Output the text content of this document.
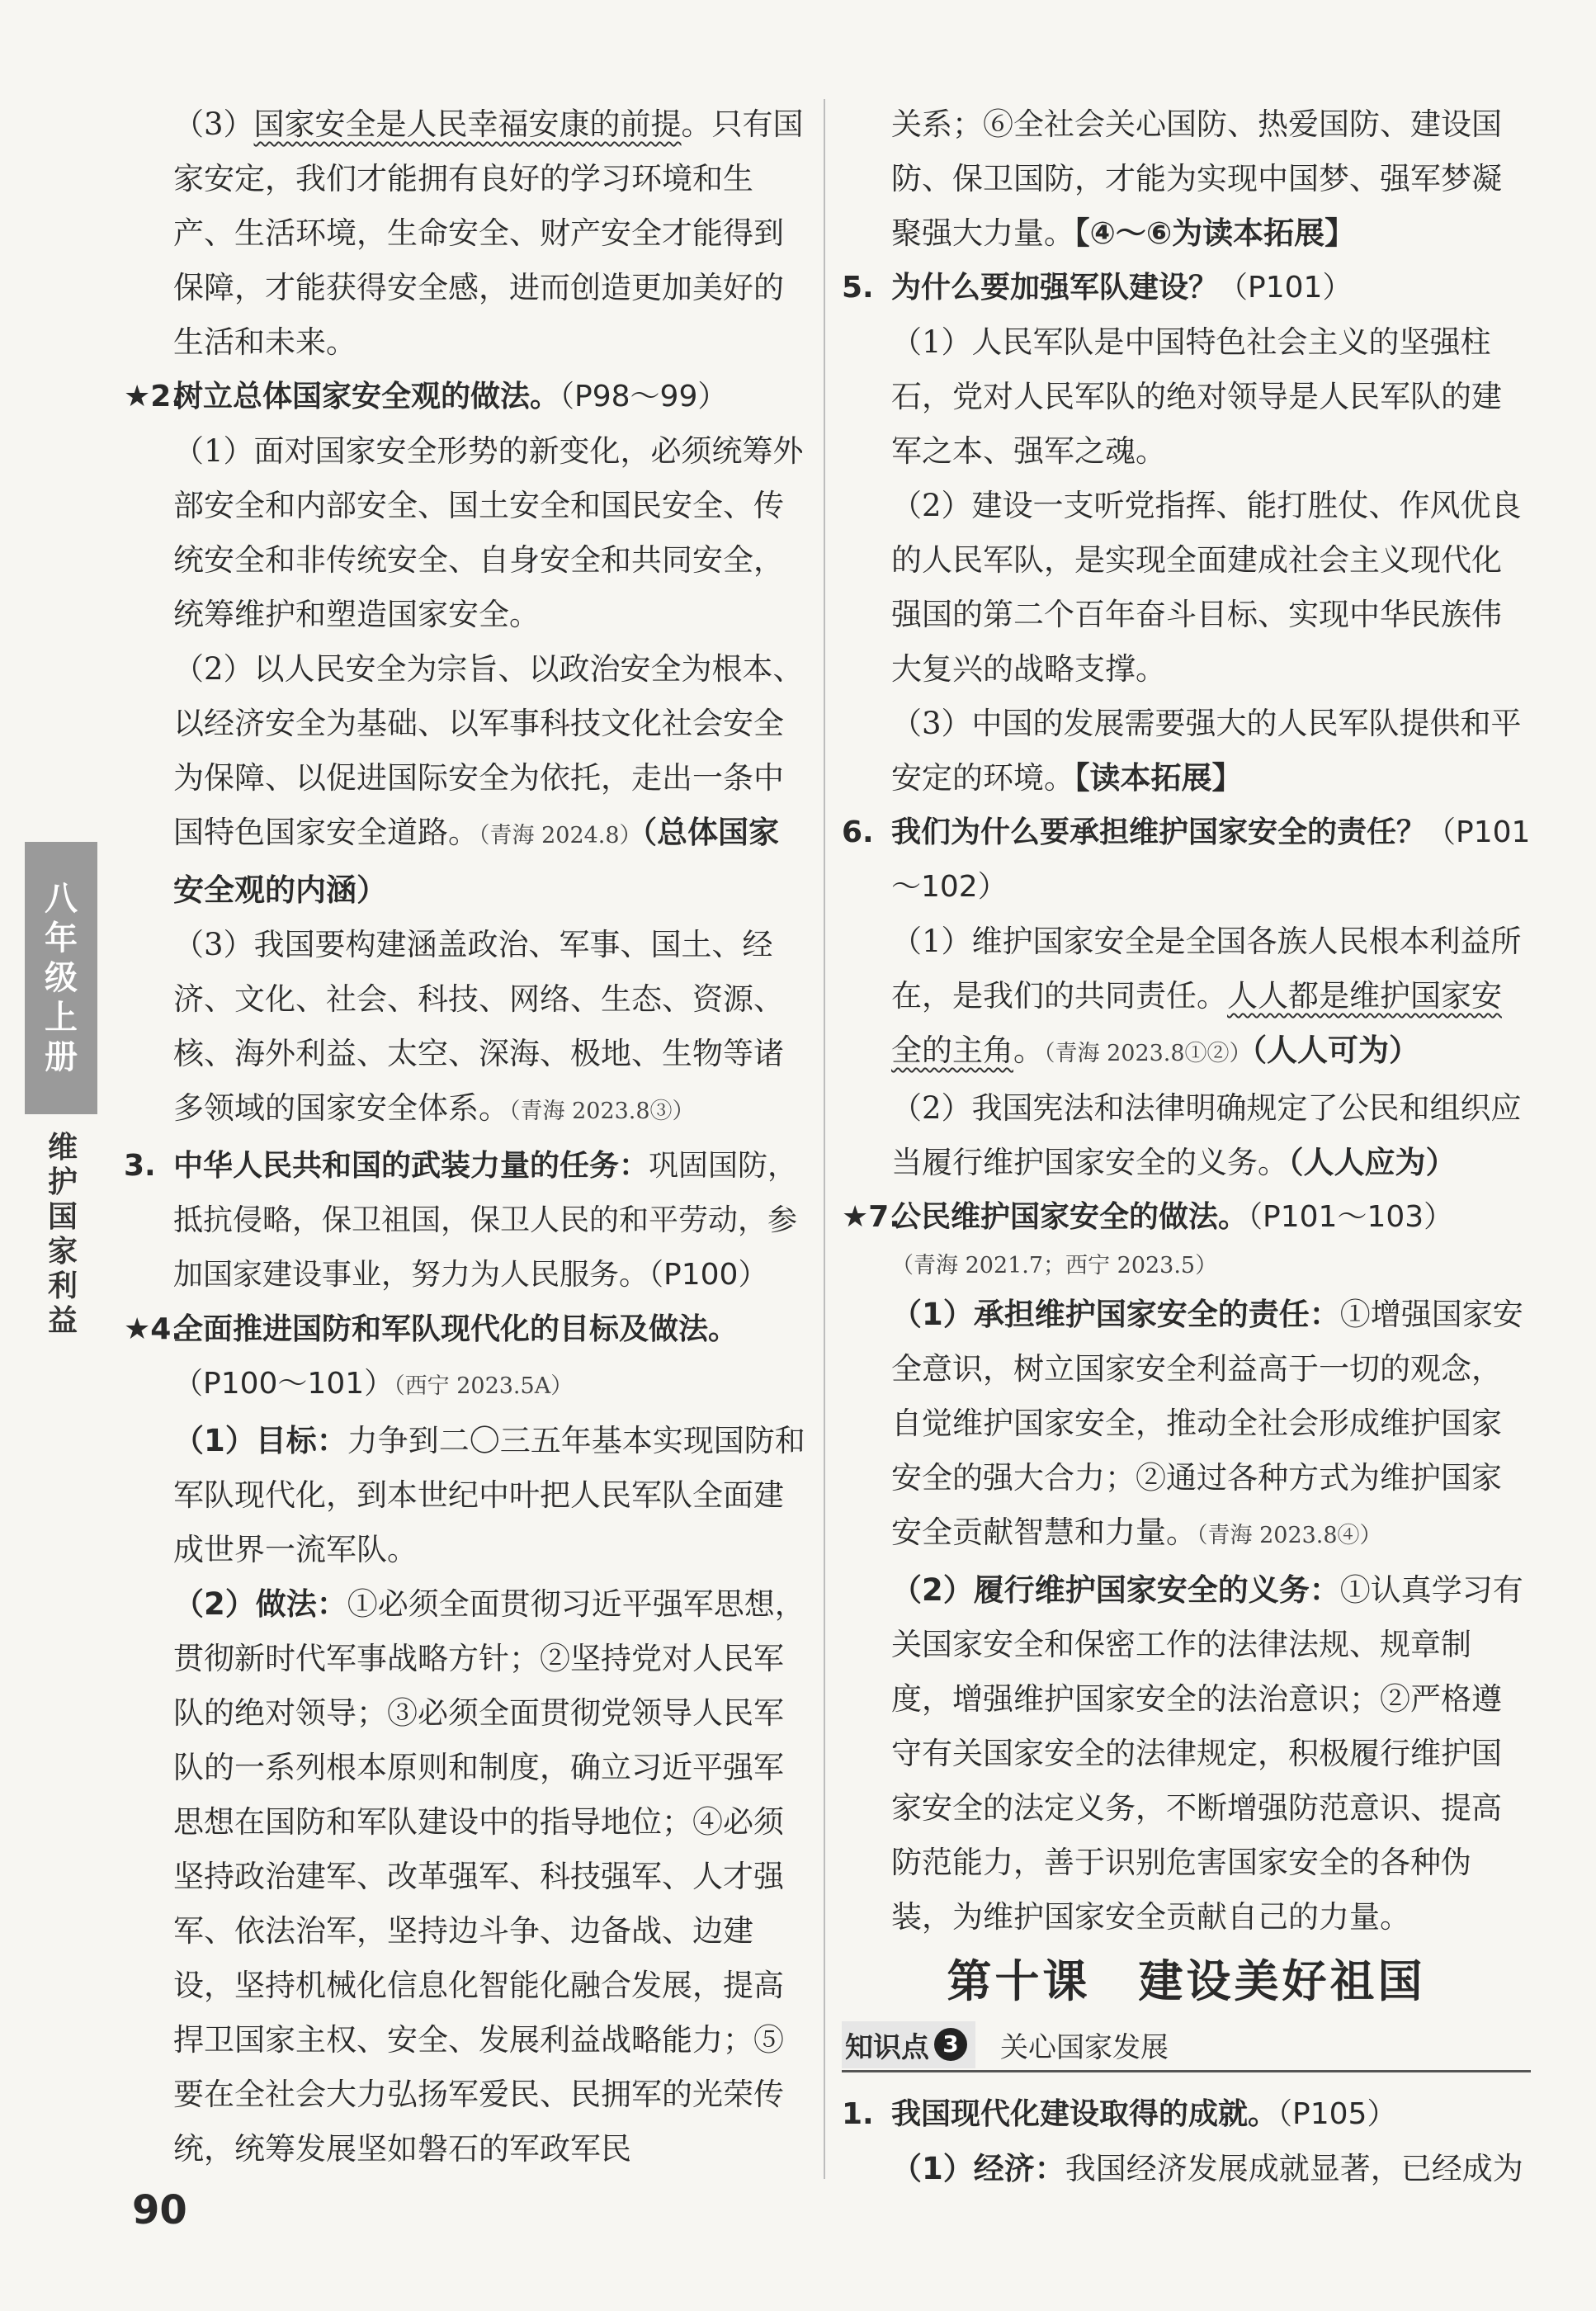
八
年
级
上
册
维
护
国
家
利
益

（3）国家安全是人民幸福安康的前提。只有国家安定，我们才能拥有良好的学习环境和生产、生活环境，生命安全、财产安全才能得到保障，才能获得安全感，进而创造更加美好的生活和未来。

★2.树立总体国家安全观的做法。（P98～99）

（1）面对国家安全形势的新变化，必须统筹外部安全和内部安全、国土安全和国民安全、传统安全和非传统安全、自身安全和共同安全，统筹维护和塑造国家安全。

（2）以人民安全为宗旨、以政治安全为根本、以经济安全为基础、以军事科技文化社会安全为保障、以促进国际安全为依托，走出一条中国特色国家安全道路。（青海 2024.8）（总体国家安全观的内涵）

（3）我国要构建涵盖政治、军事、国土、经济、文化、社会、科技、网络、生态、资源、核、海外利益、太空、深海、极地、生物等诸多领域的国家安全体系。（青海 2023.8③）

3. 中华人民共和国的武装力量的任务：巩固国防，抵抗侵略，保卫祖国，保卫人民的和平劳动，参加国家建设事业，努力为人民服务。（P100）

★4.全面推进国防和军队现代化的目标及做法。（P100～101）（西宁 2023.5A）

（1）目标：力争到二〇三五年基本实现国防和军队现代化，到本世纪中叶把人民军队全面建成世界一流军队。

（2）做法：①必须全面贯彻习近平强军思想，贯彻新时代军事战略方针；②坚持党对人民军队的绝对领导；③必须全面贯彻党领导人民军队的一系列根本原则和制度，确立习近平强军思想在国防和军队建设中的指导地位；④必须坚持政治建军、改革强军、科技强军、人才强军、依法治军，坚持边斗争、边备战、边建设，坚持机械化信息化智能化融合发展，提高捍卫国家主权、安全、发展利益战略能力；⑤要在全社会大力弘扬军爱民、民拥军的光荣传统，统筹发展坚如磐石的军政军民

关系；⑥全社会关心国防、热爱国防、建设国防、保卫国防，才能为实现中国梦、强军梦凝聚强大力量。【④～⑥为读本拓展】

5. 为什么要加强军队建设？（P101）

（1）人民军队是中国特色社会主义的坚强柱石，党对人民军队的绝对领导是人民军队的建军之本、强军之魂。

（2）建设一支听党指挥、能打胜仗、作风优良的人民军队，是实现全面建成社会主义现代化强国的第二个百年奋斗目标、实现中华民族伟大复兴的战略支撑。

（3）中国的发展需要强大的人民军队提供和平安定的环境。【读本拓展】

6. 我们为什么要承担维护国家安全的责任？（P101～102）

（1）维护国家安全是全国各族人民根本利益所在，是我们的共同责任。人人都是维护国家安全的主角。（青海 2023.8①②）（人人可为）

（2）我国宪法和法律明确规定了公民和组织应当履行维护国家安全的义务。（人人应为）

★7.公民维护国家安全的做法。（P101～103）

（青海 2021.7；西宁 2023.5）

（1）承担维护国家安全的责任：①增强国家安全意识，树立国家安全利益高于一切的观念，自觉维护国家安全，推动全社会形成维护国家安全的强大合力；②通过各种方式为维护国家安全贡献智慧和力量。（青海 2023.8④）

（2）履行维护国家安全的义务：①认真学习有关国家安全和保密工作的法律法规、规章制度，增强维护国家安全的法治意识；②严格遵守有关国家安全的法律规定，积极履行维护国家安全的法定义务，不断增强防范意识、提高防范能力，善于识别危害国家安全的各种伪装，为维护国家安全贡献自己的力量。

第十课　建设美好祖国

知识点 3	关心国家发展

1. 我国现代化建设取得的成就。（P105）

（1）经济：我国经济发展成就显著，已经成为

90
